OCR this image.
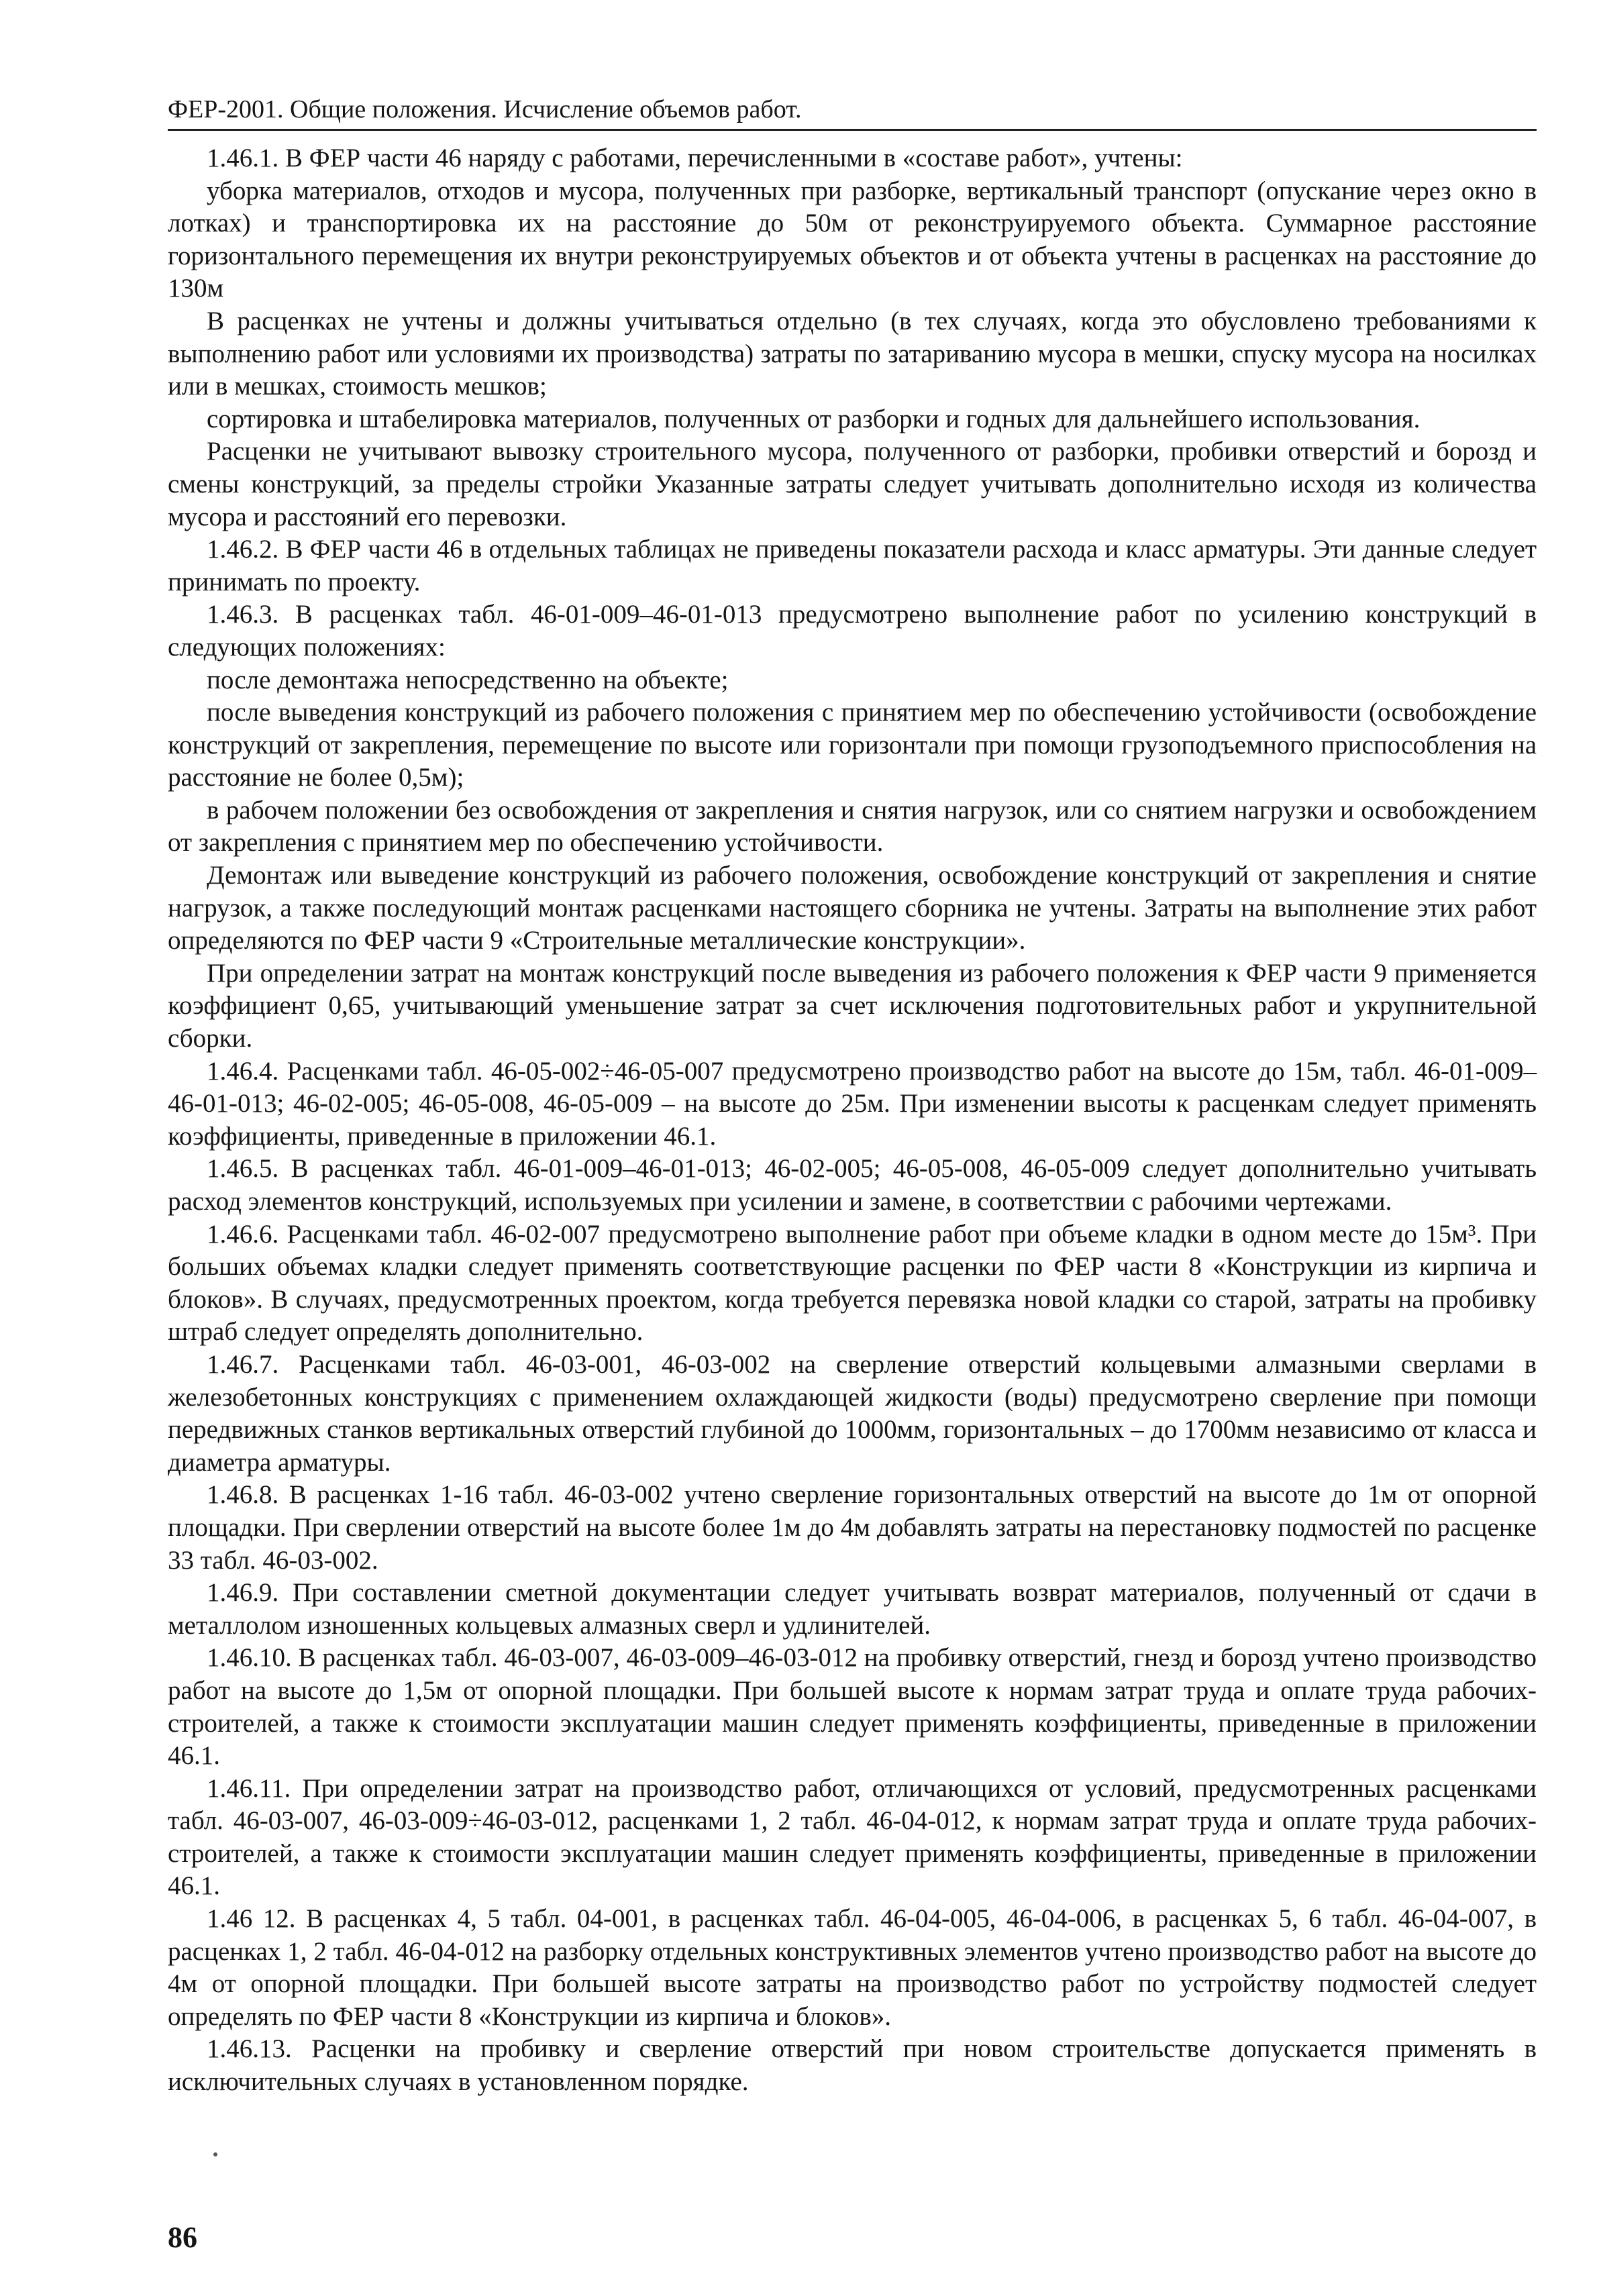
ФЕР-2001. Общие положения. Исчисление объемов работ.

1.46.1. В ФЕР части 46 наряду с работами, перечисленными в «составе работ», учтены:

уборка материалов, отходов и мусора, полученных при разборке, вертикальный транспорт (опускание через окно в лотках) и транспортировка их на расстояние до 50м от реконструируемого объекта. Суммарное расстояние горизонтального перемещения их внутри реконструируемых объектов и от объекта учтены в расценках на расстояние до 130м

В расценках не учтены и должны учитываться отдельно (в тех случаях, когда это обусловлено требованиями к выполнению работ или условиями их производства) затраты по затариванию мусора в мешки, спуску мусора на носилках или в мешках, стоимость мешков;

сортировка и штабелировка материалов, полученных от разборки и годных для дальнейшего использования.

Расценки не учитывают вывозку строительного мусора, полученного от разборки, пробивки отверстий и борозд и смены конструкций, за пределы стройки Указанные затраты следует учитывать дополнительно исходя из количества мусора и расстояний его перевозки.

1.46.2. В ФЕР части 46 в отдельных таблицах не приведены показатели расхода и класс арматуры. Эти данные следует принимать по проекту.

1.46.3. В расценках табл. 46-01-009–46-01-013 предусмотрено выполнение работ по усилению конструкций в следующих положениях:

после демонтажа непосредственно на объекте;

после выведения конструкций из рабочего положения с принятием мер по обеспечению устойчивости (освобождение конструкций от закрепления, перемещение по высоте или горизонтали при помощи грузоподъемного приспособления на расстояние не более 0,5м);

в рабочем положении без освобождения от закрепления и снятия нагрузок, или со снятием нагрузки и освобождением от закрепления с принятием мер по обеспечению устойчивости.

Демонтаж или выведение конструкций из рабочего положения, освобождение конструкций от закрепления и снятие нагрузок, а также последующий монтаж расценками настоящего сборника не учтены. Затраты на выполнение этих работ определяются по ФЕР части 9 «Строительные металлические конструкции».

При определении затрат на монтаж конструкций после выведения из рабочего положения к ФЕР части 9 применяется коэффициент 0,65, учитывающий уменьшение затрат за счет исключения подготовительных работ и укрупнительной сборки.

1.46.4. Расценками табл. 46-05-002÷46-05-007 предусмотрено производство работ на высоте до 15м, табл. 46-01-009–46-01-013; 46-02-005; 46-05-008, 46-05-009 – на высоте до 25м. При изменении высоты к расценкам следует применять коэффициенты, приведенные в приложении 46.1.

1.46.5. В расценках табл. 46-01-009–46-01-013; 46-02-005; 46-05-008, 46-05-009 следует дополнительно учитывать расход элементов конструкций, используемых при усилении и замене, в соответствии с рабочими чертежами.

1.46.6. Расценками табл. 46-02-007 предусмотрено выполнение работ при объеме кладки в одном месте до 15м³. При больших объемах кладки следует применять соответствующие расценки по ФЕР части 8 «Конструкции из кирпича и блоков». В случаях, предусмотренных проектом, когда требуется перевязка новой кладки со старой, затраты на пробивку штраб следует определять дополнительно.

1.46.7. Расценками табл. 46-03-001, 46-03-002 на сверление отверстий кольцевыми алмазными сверлами в железобетонных конструкциях с применением охлаждающей жидкости (воды) предусмотрено сверление при помощи передвижных станков вертикальных отверстий глубиной до 1000мм, горизонтальных – до 1700мм независимо от класса и диаметра арматуры.

1.46.8. В расценках 1-16 табл. 46-03-002 учтено сверление горизонтальных отверстий на высоте до 1м от опорной площадки. При сверлении отверстий на высоте более 1м до 4м добавлять затраты на перестановку подмостей по расценке 33 табл. 46-03-002.

1.46.9. При составлении сметной документации следует учитывать возврат материалов, полученный от сдачи в металлолом изношенных кольцевых алмазных сверл и удлинителей.

1.46.10. В расценках табл. 46-03-007, 46-03-009–46-03-012 на пробивку отверстий, гнезд и борозд учтено производство работ на высоте до 1,5м от опорной площадки. При большей высоте к нормам затрат труда и оплате труда рабочих-строителей, а также к стоимости эксплуатации машин следует применять коэффициенты, приведенные в приложении 46.1.

1.46.11. При определении затрат на производство работ, отличающихся от условий, предусмотренных расценками табл. 46-03-007, 46-03-009÷46-03-012, расценками 1, 2 табл. 46-04-012, к нормам затрат труда и оплате труда рабочих-строителей, а также к стоимости эксплуатации машин следует применять коэффициенты, приведенные в приложении 46.1.

1.46 12. В расценках 4, 5 табл. 04-001, в расценках табл. 46-04-005, 46-04-006, в расценках 5, 6 табл. 46-04-007, в расценках 1, 2 табл. 46-04-012 на разборку отдельных конструктивных элементов учтено производство работ на высоте до 4м от опорной площадки. При большей высоте затраты на производство работ по устройству подмостей следует определять по ФЕР части 8 «Конструкции из кирпича и блоков».

1.46.13. Расценки на пробивку и сверление отверстий при новом строительстве допускается применять в исключительных случаях в установленном порядке.

86
